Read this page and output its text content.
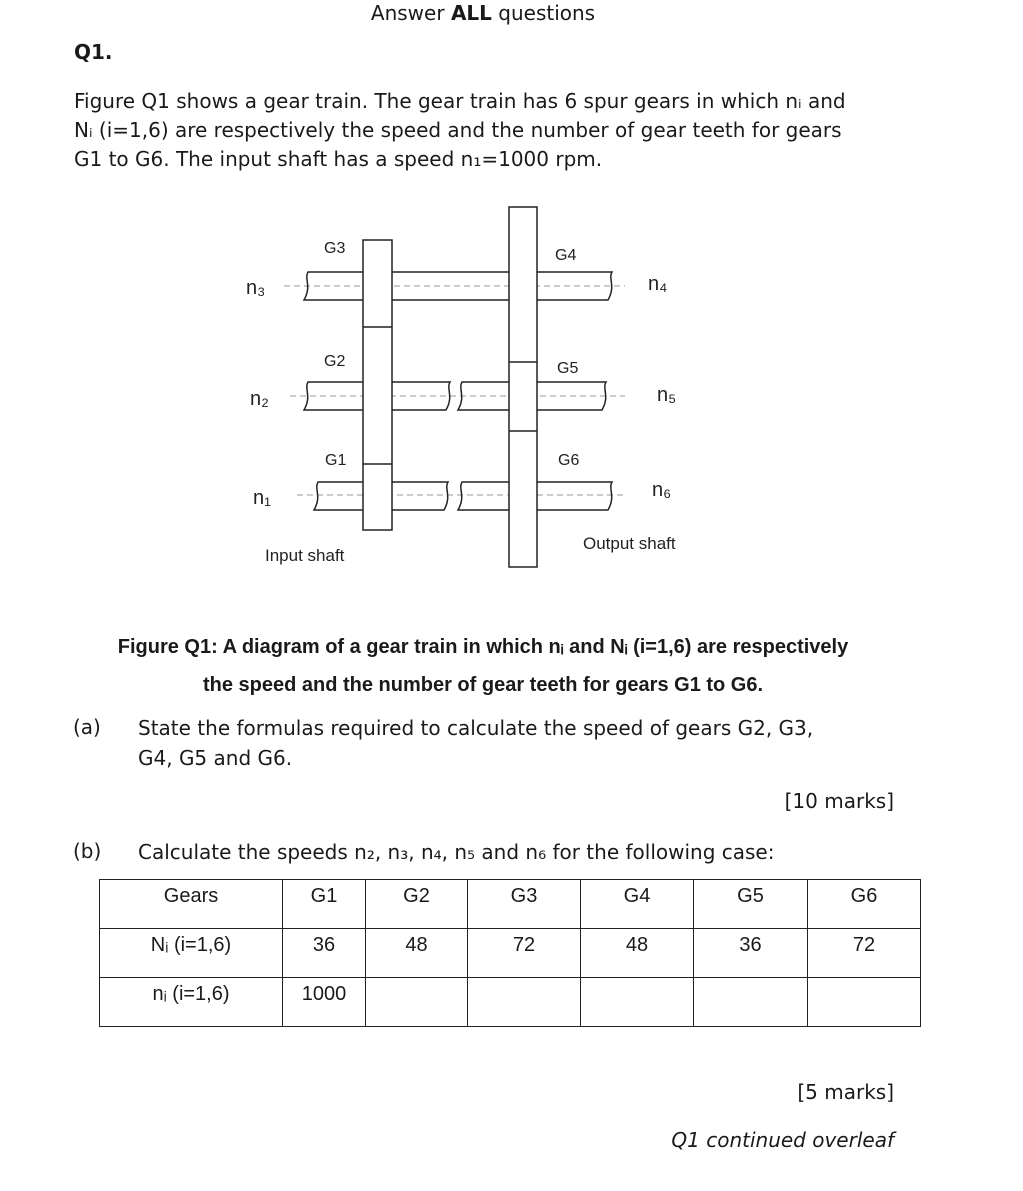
Answer ALL questions
Q1.

Figure Q1 shows a gear train. The gear train has 6 spur gears in which nᵢ and

Nᵢ (i=1,6) are respectively the speed and the number of gear teeth for gears

G1 to G6. The input shaft has a speed n₁=1000 rpm.

G3
G2
G1
G4
G5
G6
n₃
n₂
n₁
n₄
n₅
n₆
Input shaft
Output shaft
Figure Q1: A diagram of a gear train in which nᵢ and Nᵢ (i=1,6) are respectively
the speed and the number of gear teeth for gears G1 to G6.
(a) State the formulas required to calculate the speed of gears G2, G3,
G4, G5 and G6.
[10 marks]
(b) Calculate the speeds n₂, n₃, n₄, n₅ and n₆ for the following case:
Gears	G1	G2	G3	G4	G5	G6
Nᵢ (i=1,6)	36	48	72	48	36	72
nᵢ (i=1,6)	1000					
[5 marks]
Q1 continued overleaf
